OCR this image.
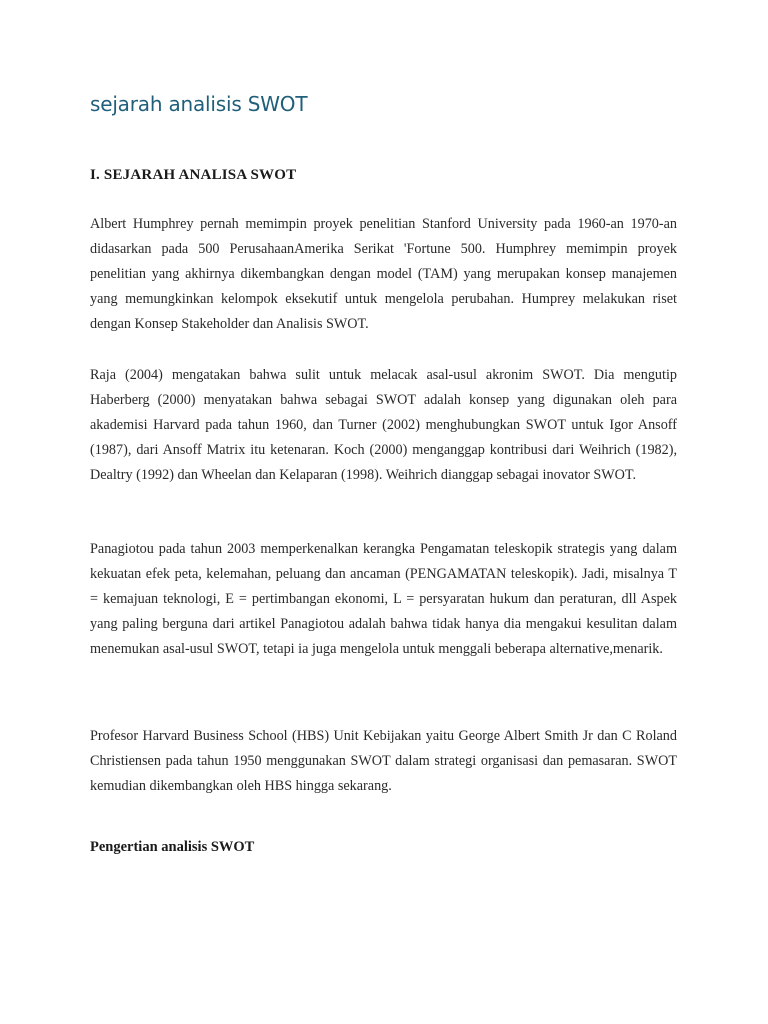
sejarah analisis SWOT
I. SEJARAH ANALISA SWOT

Albert Humphrey pernah memimpin proyek penelitian Stanford University pada 1960-an 1970-an didasarkan pada 500 PerusahaanAmerika Serikat 'Fortune 500. Humphrey memimpin proyek penelitian yang akhirnya dikembangkan dengan model (TAM) yang merupakan konsep manajemen yang memungkinkan kelompok eksekutif untuk mengelola perubahan. Humprey melakukan riset dengan Konsep Stakeholder dan Analisis SWOT.

Raja (2004) mengatakan bahwa sulit untuk melacak asal-usul akronim SWOT. Dia mengutip Haberberg (2000) menyatakan bahwa sebagai SWOT adalah konsep yang digunakan oleh para akademisi Harvard pada tahun 1960, dan Turner (2002) menghubungkan SWOT untuk Igor Ansoff (1987), dari Ansoff Matrix itu ketenaran. Koch (2000) menganggap kontribusi dari Weihrich (1982), Dealtry (1992) dan Wheelan dan Kelaparan (1998). Weihrich dianggap sebagai inovator SWOT.

Panagiotou pada tahun 2003 memperkenalkan kerangka Pengamatan teleskopik strategis yang dalam kekuatan efek peta, kelemahan, peluang dan ancaman (PENGAMATAN teleskopik). Jadi, misalnya T = kemajuan teknologi, E = pertimbangan ekonomi, L = persyaratan hukum dan peraturan, dll Aspek yang paling berguna dari artikel Panagiotou adalah bahwa tidak hanya dia mengakui kesulitan dalam menemukan asal-usul SWOT, tetapi ia juga mengelola untuk menggali beberapa alternative,menarik.

Profesor Harvard Business School (HBS) Unit Kebijakan yaitu George Albert Smith Jr dan C Roland Christiensen pada tahun 1950 menggunakan SWOT dalam strategi organisasi dan pemasaran. SWOT kemudian dikembangkan oleh HBS hingga sekarang.

Pengertian analisis SWOT
